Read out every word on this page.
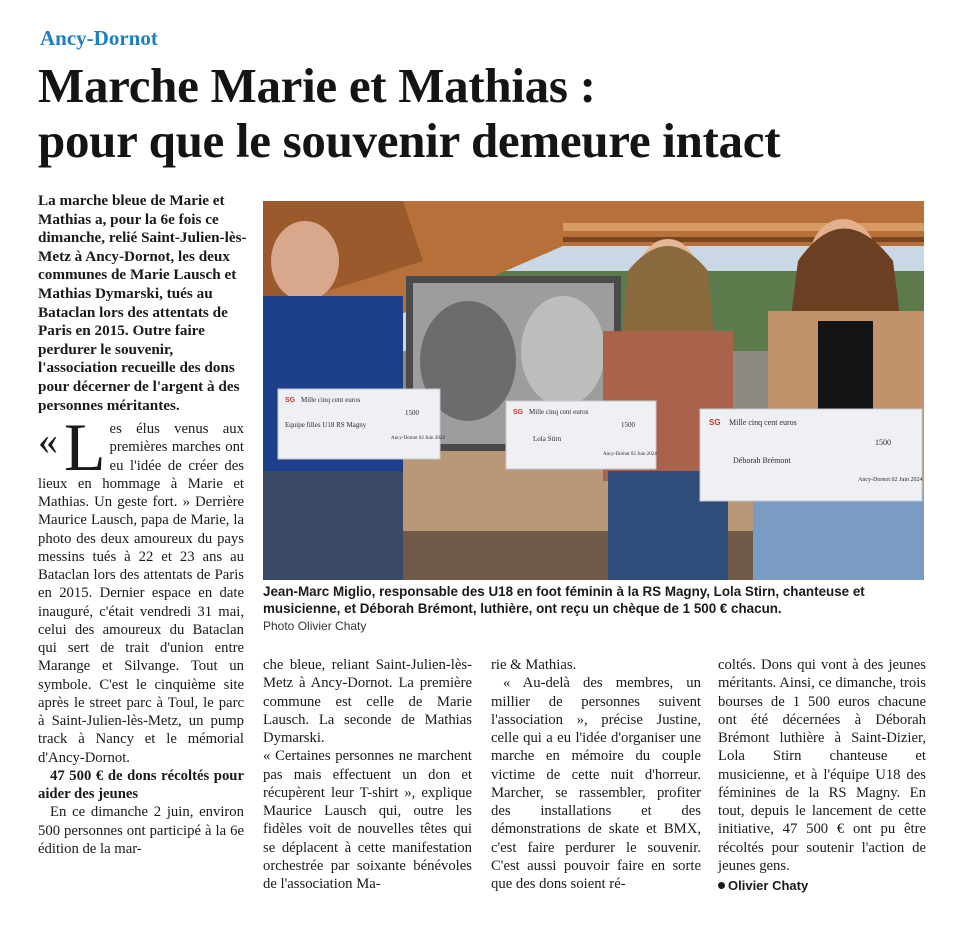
Ancy-Dornot
Marche Marie et Mathias :
pour que le souvenir demeure intact

La marche bleue de Marie et Mathias a, pour la 6e fois ce dimanche, relié Saint-Julien-lès-Metz à Ancy-Dornot, les deux communes de Marie Lausch et Mathias Dymarski, tués au Bataclan lors des attentats de Paris en 2015. Outre faire perdurer le souvenir, l'association recueille des dons pour décerner de l'argent à des personnes méritantes.	SG Mille cinq cent euros
1500
Equipe filles U18 RS Magny
Ancy-Dornot 02 Juin 2024
SG Mille cinq cent euros
1500
Lola Stirn
Ancy-Dornot 02 Juin 2024
SG Mille cinq cent euros
1500
Déborah Brémont
Ancy-Dornot 02 Juin 2024

Jean-Marc Miglio, responsable des U18 en foot féminin à la RS Magny, Lola Stirn, chanteuse et musicienne, et Déborah Brémont, luthière, ont reçu un chèque de 1 500 € chacun.

Photo Olivier Chaty

« L es élus venus aux premières marches ont eu l'idée de créer des lieux en hommage à Marie et Mathias. Un geste fort. » Derrière Maurice Lausch, papa de Marie, la photo des deux amoureux du pays messins tués à 22 et 23 ans au Bataclan lors des attentats de Paris en 2015. Dernier espace en date inauguré, c'était vendredi 31 mai, celui des amoureux du Bataclan qui sert de trait d'union entre Marange et Silvange. Tout un symbole. C'est le cinquième site après le street parc à Toul, le parc à Saint-Julien-lès-Metz, un pump track à Nancy et le mémorial d'Ancy-Dornot.

47 500 € de dons récoltés pour aider des jeunes

En ce dimanche 2 juin, environ 500 personnes ont participé à la 6e édition de la mar-

che bleue, reliant Saint-Julien-lès-Metz à Ancy-Dornot. La première commune est celle de Marie Lausch. La seconde de Mathias Dymarski.

« Certaines personnes ne marchent pas mais effectuent un don et récupèrent leur T-shirt », explique Maurice Lausch qui, outre les fidèles voit de nouvelles têtes qui se déplacent à cette manifestation orchestrée par soixante bénévoles de l'association Ma-

rie & Mathias.

« Au-delà des membres, un millier de personnes suivent l'association », précise Justine, celle qui a eu l'idée d'organiser une marche en mémoire du couple victime de cette nuit d'horreur. Marcher, se rassembler, profiter des installations et des démonstrations de skate et BMX, c'est faire perdurer le souvenir. C'est aussi pouvoir faire en sorte que des dons soient ré-

coltés. Dons qui vont à des jeunes méritants. Ainsi, ce dimanche, trois bourses de 1 500 euros chacune ont été décernées à Déborah Brémont luthière à Saint-Dizier, Lola Stirn chanteuse et musicienne, et à l'équipe U18 des féminines de la RS Magny. En tout, depuis le lancement de cette initiative, 47 500 € ont pu être récoltés pour soutenir l'action de jeunes gens.

Olivier Chaty
